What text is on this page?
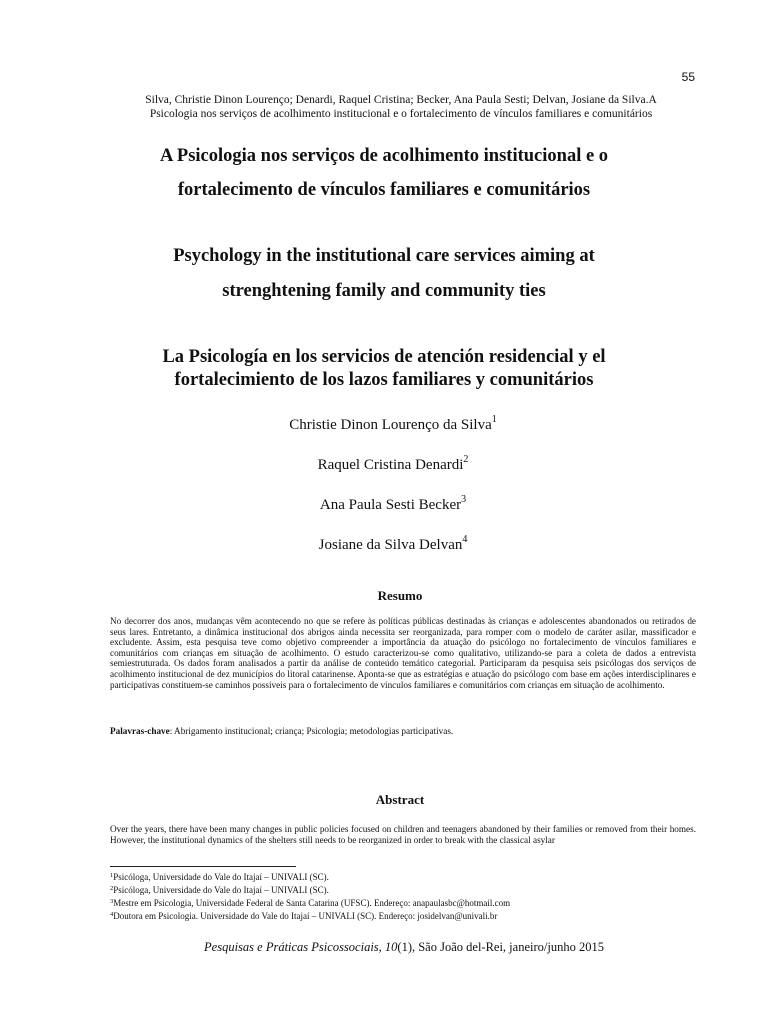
55
Silva, Christie Dinon Lourenço; Denardi, Raquel Cristina; Becker, Ana Paula Sesti; Delvan, Josiane da Silva.A
Psicologia nos serviços de acolhimento institucional e o fortalecimento de vínculos familiares e comunitários
A Psicologia nos serviços de acolhimento institucional e o
fortalecimento de vínculos familiares e comunitários
Psychology in the institutional care services aiming at
strenghtening family and community ties
La Psicología en los servicios de atención residencial y el
fortalecimiento de los lazos familiares y comunitários
Christie Dinon Lourenço da Silva$^1$
Raquel Cristina Denardi$^2$
Ana Paula Sesti Becker$^3$
Josiane da Silva Delvan$^4$
Resumo
No decorrer dos anos, mudanças vêm acontecendo no que se refere às políticas públicas destinadas às crianças e adolescentes abandonados ou retirados de seus lares. Entretanto, a dinâmica institucional dos abrigos ainda necessita ser reorganizada, para romper com o modelo de caráter asilar, massificador e excludente. Assim, esta pesquisa teve como objetivo compreender a importância da atuação do psicólogo no fortalecimento de vínculos familiares e comunitários com crianças em situação de acolhimento. O estudo caracterizou-se como qualitativo, utilizando-se para a coleta de dados a entrevista semiestruturada. Os dados foram analisados a partir da análise de conteúdo temático categorial. Participaram da pesquisa seis psicólogas dos serviços de acolhimento institucional de dez municípios do litoral catarinense. Aponta-se que as estratégias e atuação do psicólogo com base em ações interdisciplinares e participativas constituem-se caminhos possíveis para o fortalecimento de vínculos familiares e comunitários com crianças em situação de acolhimento.
Palavras-chave: Abrigamento institucional; criança; Psicologia; metodologias participativas.
Abstract
Over the years, there have been many changes in public policies focused on children and teenagers abandoned by their families or removed from their homes. However, the institutional dynamics of the shelters still needs to be reorganized in order to break with the classical asylar
$^1$Psicóloga, Universidade do Vale do Itajaí – UNIVALI (SC).
$^2$Psicóloga, Universidade do Vale do Itajaí – UNIVALI (SC).
$^3$Mestre em Psicologia, Universidade Federal de Santa Catarina (UFSC). Endereço: anapaulasbc@hotmail.com
$^4$Doutora em Psicologia. Universidade do Vale do Itajaí – UNIVALI (SC). Endereço: josidelvan@univali.br
Pesquisas e Práticas Psicossociais, 10(1), São João del-Rei, janeiro/junho 2015
